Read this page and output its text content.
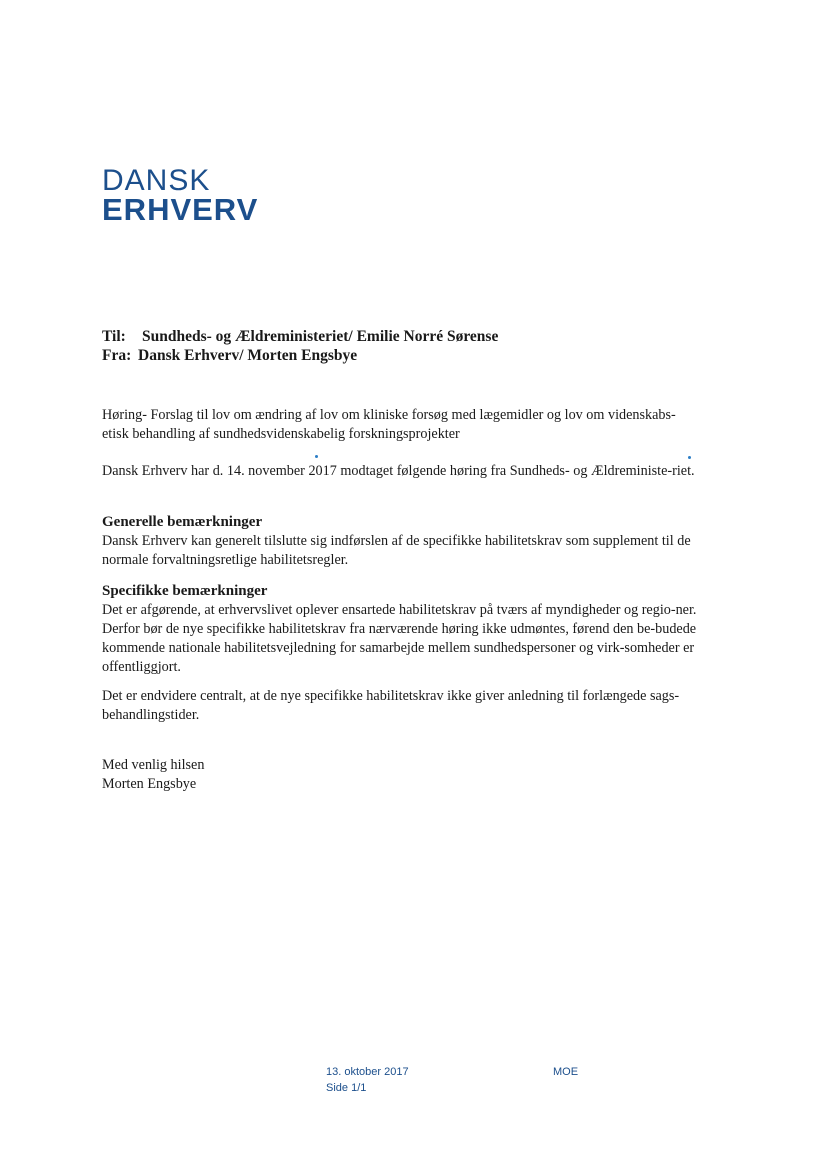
DANSK
ERHVERV
Til: Sundheds- og Ældreministeriet/ Emilie Norré Sørense
Fra: Dansk Erhverv/ Morten Engsbye

Høring- Forslag til lov om ændring af lov om kliniske forsøg med lægemidler og lov om videnskabs-etisk behandling af sundhedsvidenskabelig forskningsprojekter

Dansk Erhverv har d. 14. november 2017 modtaget følgende høring fra Sundheds- og Ældreministe-riet.

Generelle bemærkninger

Dansk Erhverv kan generelt tilslutte sig indførslen af de specifikke habilitetskrav som supplement til de normale forvaltningsretlige habilitetsregler.

Specifikke bemærkninger

Det er afgørende, at erhvervslivet oplever ensartede habilitetskrav på tværs af myndigheder og regio-ner. Derfor bør de nye specifikke habilitetskrav fra nærværende høring ikke udmøntes, førend den be-budede kommende nationale habilitetsvejledning for samarbejde mellem sundhedspersoner og virk-somheder er offentliggjort.

Det er endvidere centralt, at de nye specifikke habilitetskrav ikke giver anledning til forlængede sags-behandlingstider.

Med venlig hilsen

Morten Engsbye

13. oktober 2017
Side 1/1
MOE
